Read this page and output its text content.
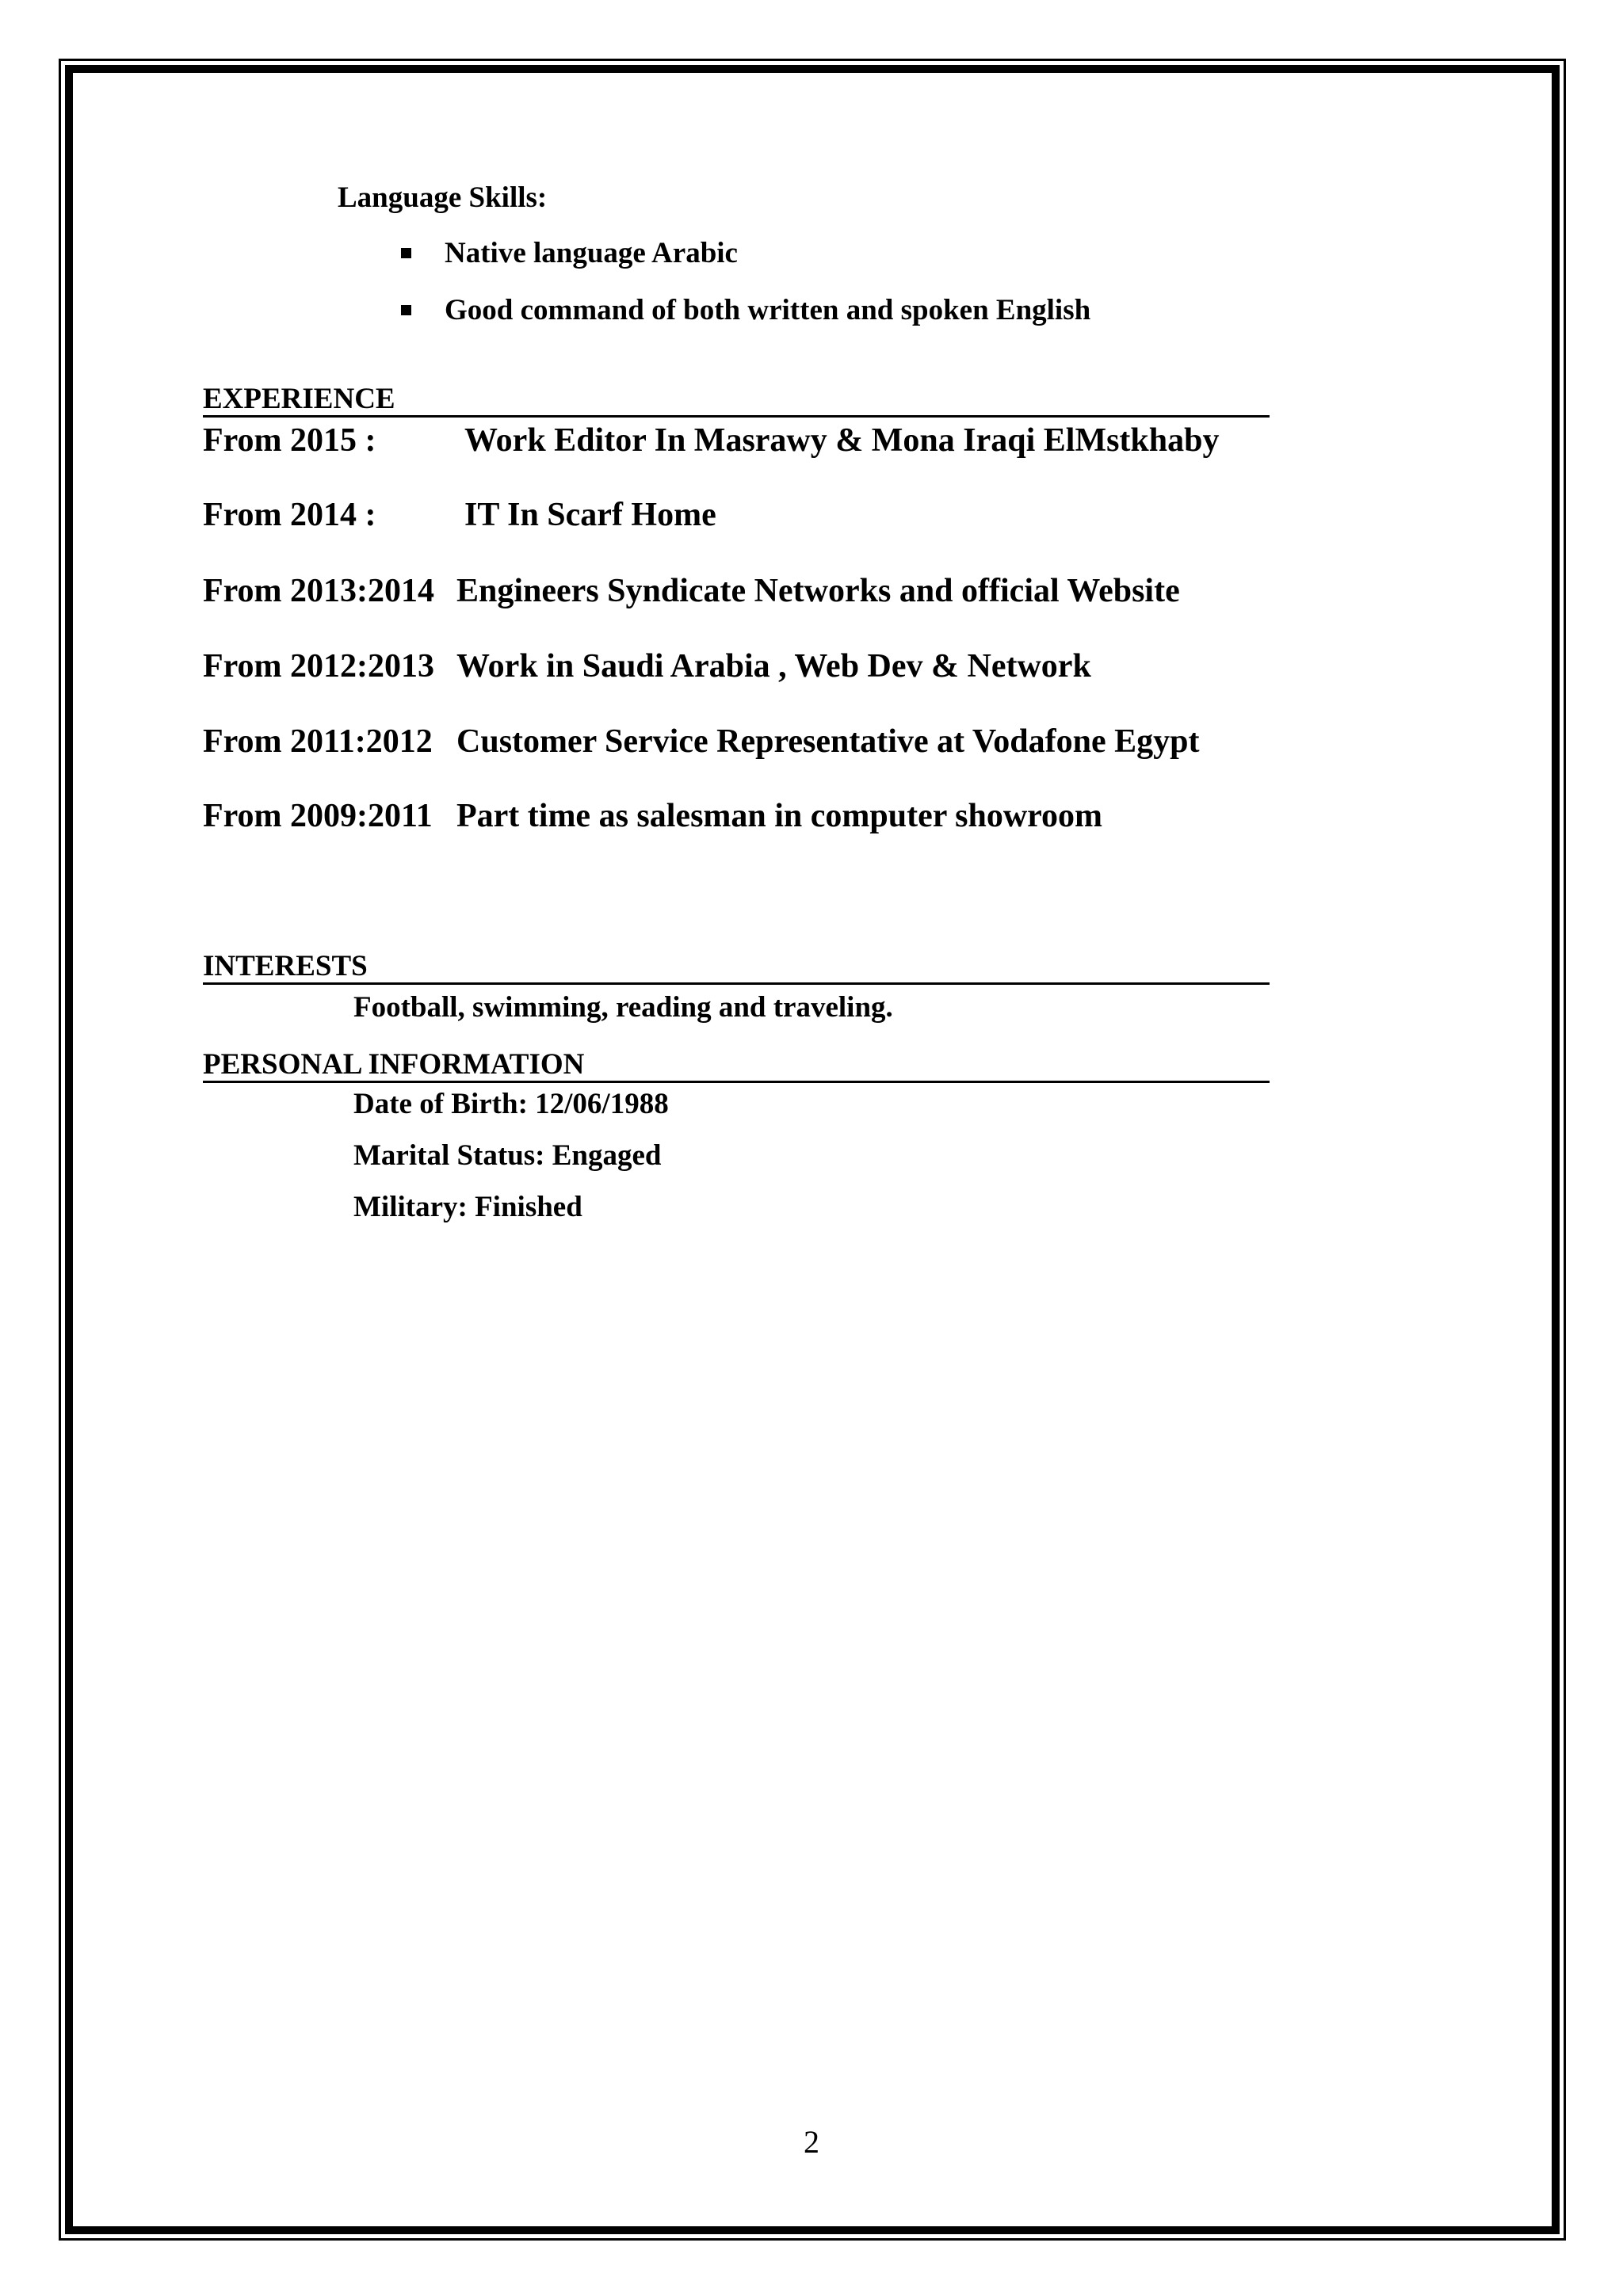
Language Skills:
Native language Arabic
Good command of both written and spoken English
EXPERIENCE
From 2015 :	Work Editor In Masrawy & Mona Iraqi ElMstkhaby
From 2014 :	IT In Scarf Home
From 2013:2014 Engineers Syndicate Networks and official Website
From 2012:2013 Work in Saudi Arabia , Web Dev & Network
From 2011:2012 Customer Service Representative at Vodafone Egypt
From 2009:2011 Part time as salesman in computer showroom
INTERESTS
Football, swimming, reading and traveling.
PERSONAL INFORMATION
Date of Birth: 12/06/1988
Marital Status: Engaged
Military: Finished
2
